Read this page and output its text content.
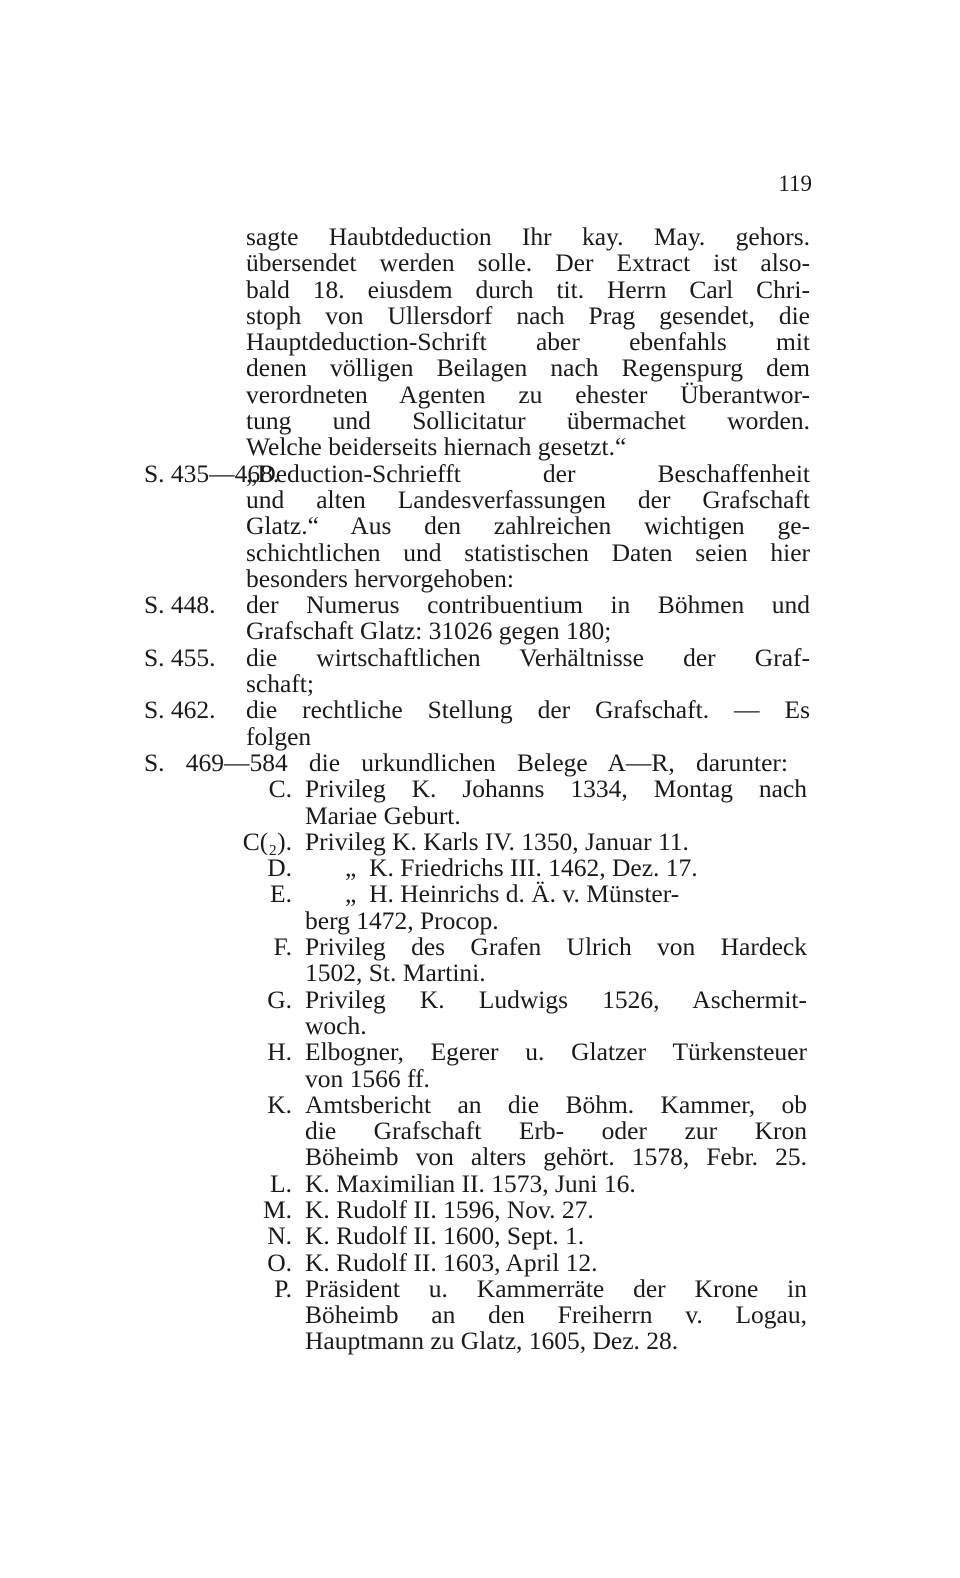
119
sagte Haubtdeduction Ihr kay. May. gehors.
übersendet werden solle. Der Extract ist also-
bald 18. eiusdem durch tit. Herrn Carl Chri-
stoph von Ullersdorf nach Prag gesendet, die
Hauptdeduction-Schrift aber ebenfahls mit
denen völligen Beilagen nach Regenspurg dem
verordneten Agenten zu ehester Überantwor-
tung und Sollicitatur übermachet worden.
Welche beiderseits hiernach gesetzt.“
S. 435—468.
„Deduction-Schriefft der Beschaffenheit
und alten Landesverfassungen der Grafschaft
Glatz.“ Aus den zahlreichen wichtigen ge-
schichtlichen und statistischen Daten seien hier
besonders hervorgehoben:
S. 448. der Numerus contribuentium in Böhmen und
Grafschaft Glatz: 31026 gegen 180;
S. 455. die wirtschaftlichen Verhältnisse der Graf-
schaft;
S. 462. die rechtliche Stellung der Grafschaft. — Es
folgen
S. 469—584 die urkundlichen Belege A—R, darunter:
C. Privileg K. Johanns 1334, Montag nach
Mariae Geburt.
C(₂). Privileg K. Karls IV. 1350, Januar 11.
D. „  K. Friedrichs III. 1462, Dez. 17.
E. „  H. Heinrichs d. Ä. v. Münster-
berg 1472, Procop.
F. Privileg des Grafen Ulrich von Hardeck
1502, St. Martini.
G. Privileg K. Ludwigs 1526, Aschermit-
woch.
H. Elbogner, Egerer u. Glatzer Türkensteuer
von 1566 ff.
K. Amtsbericht an die Böhm. Kammer, ob
die Grafschaft Erb- oder zur Kron
Böheimb von alters gehört. 1578, Febr. 25.
L. K. Maximilian II. 1573, Juni 16.
M. K. Rudolf II. 1596, Nov. 27.
N. K. Rudolf II. 1600, Sept. 1.
O. K. Rudolf II. 1603, April 12.
P. Präsident u. Kammerräte der Krone in
Böheimb an den Freiherrn v. Logau,
Hauptmann zu Glatz, 1605, Dez. 28.
